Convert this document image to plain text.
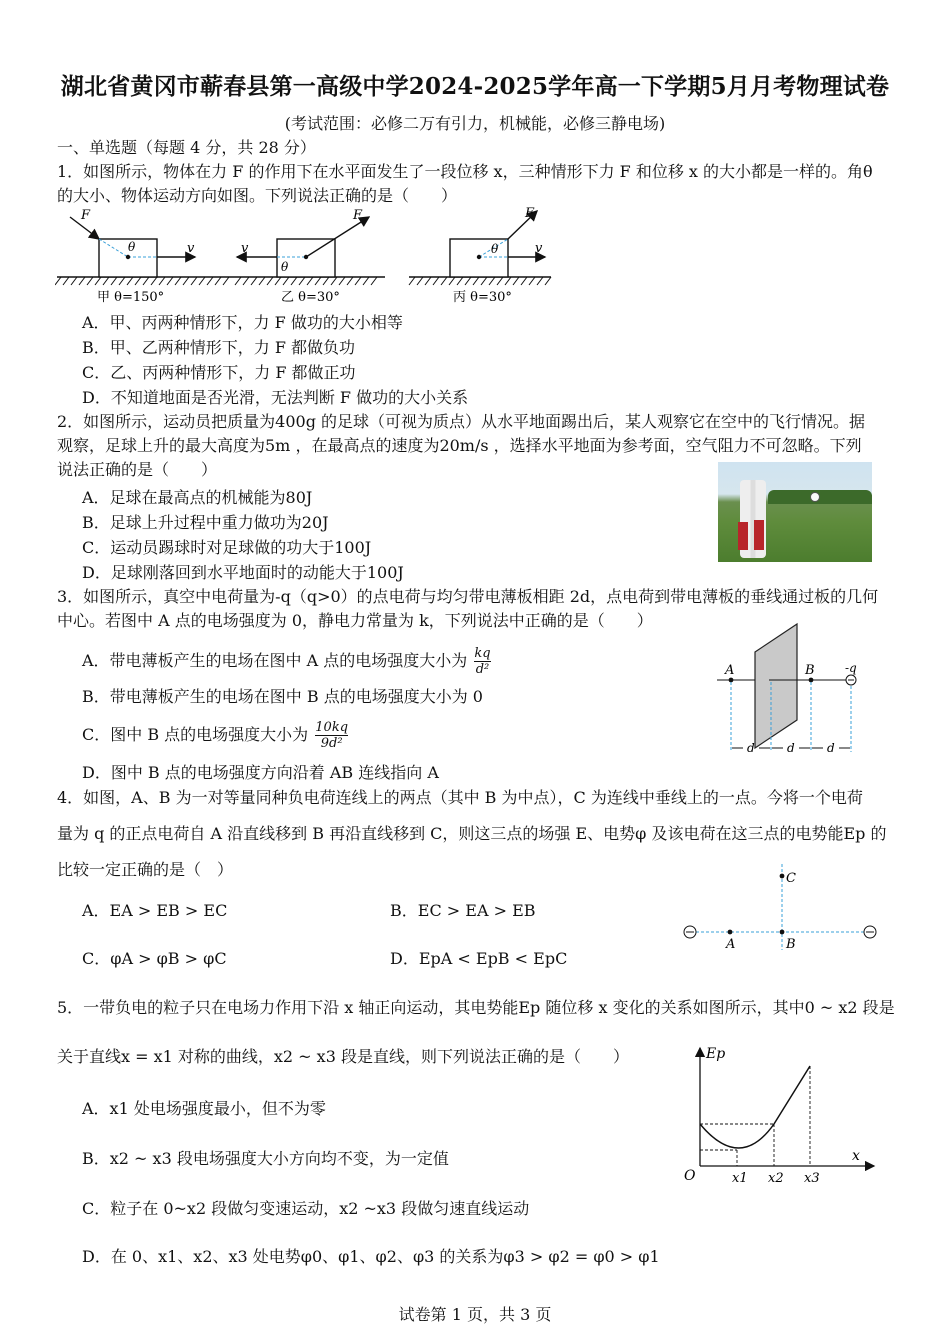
湖北省黄冈市蕲春县第一高级中学2024-2025学年高一下学期5月月考物理试卷
(考试范围：必修二万有引力，机械能，必修三静电场)
一、单选题（每题 4 分，共 28 分）
1．如图所示，物体在力 F 的作用下在水平面发生了一段位移 x，三种情形下力 F 和位移 x 的大小都是一样的。角θ
的大小、物体运动方向如图。下列说法正确的是（　　）
F
θ	v
甲 θ=150°
F
θ
v
乙 θ=30°
F
θ	v
丙 θ=30°
A．甲、丙两种情形下，力 F 做功的大小相等
B．甲、乙两种情形下，力 F 都做负功
C．乙、丙两种情形下，力 F 都做正功
D．不知道地面是否光滑，无法判断 F 做功的大小关系
2．如图所示，运动员把质量为400g 的足球（可视为质点）从水平地面踢出后，某人观察它在空中的飞行情况。据
观察，足球上升的最大高度为5m ，在最高点的速度为20m/s ，选择水平地面为参考面，空气阻力不可忽略。下列
说法正确的是（　　）
A．足球在最高点的机械能为80J
B．足球上升过程中重力做功为20J
C．运动员踢球时对足球做的功大于100J
D．足球刚落回到水平地面时的动能大于100J
3．如图所示，真空中电荷量为-q（q>0）的点电荷与均匀带电薄板相距 2d，点电荷到带电薄板的垂线通过板的几何
中心。若图中 A 点的电场强度为 0，静电力常量为 k，下列说法中正确的是（　　）
A．带电薄板产生的电场在图中 A 点的电场强度大小为 $\frac{kq}{\text{d²}}$
B．带电薄板产生的电场在图中 B 点的电场强度大小为 0
C．图中 B 点的电场强度大小为 $\frac{10kq}{\text{9d²}}$
D．图中 B 点的电场强度方向沿着 AB 连线指向 A
A	B	-q
d	d	d
4．如图，A、B 为一对等量同种负电荷连线上的两点（其中 B 为中点），C 为连线中垂线上的一点。今将一个电荷
量为 q 的正点电荷自 A 沿直线移到 B 再沿直线移到 C，则这三点的场强 E、电势φ 及该电荷在这三点的电势能Ep 的
比较一定正确的是（　）
A．EA > EB > EC	B．EC > EA > EB
C．φA > φB > φC	D．EpA < EpB < EpC
A	B
C
5．一带负电的粒子只在电场力作用下沿 x 轴正向运动，其电势能Ep 随位移 x 变化的关系如图所示，其中0 ~ x2 段是
关于直线x = x1 对称的曲线，x2 ~ x3 段是直线，则下列说法正确的是（　　）
A．x1 处电场强度最小，但不为零
B．x2 ~ x3 段电场强度大小方向均不变，为一定值
C．粒子在 0~x2 段做匀变速运动，x2 ~x3 段做匀速直线运动
D．在 0、x1、x2、x3 处电势φ0、φ1、φ2、φ3 的关系为φ3 > φ2 = φ0 > φ1
Ep
x
O	x1 x2 x3
试卷第 1 页，共 3 页
